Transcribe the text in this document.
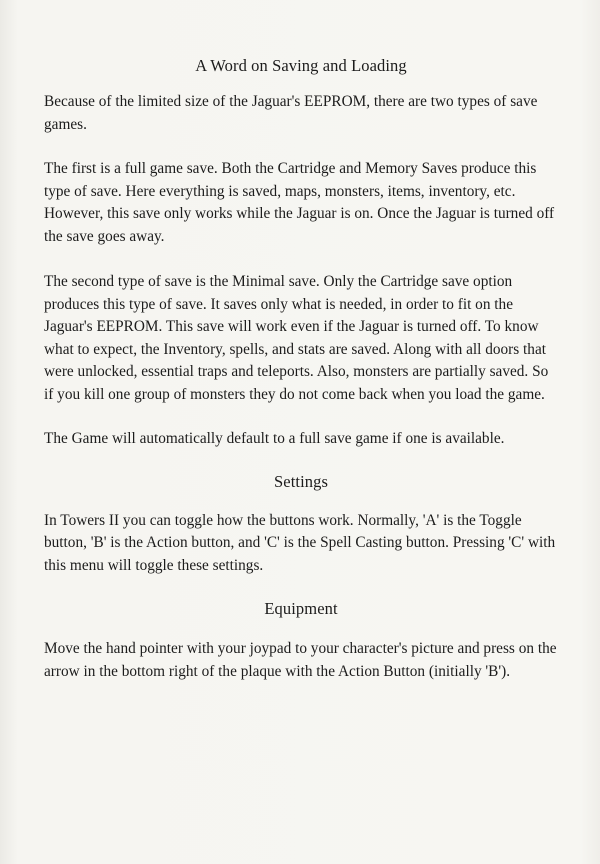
A Word on Saving and Loading

Because of the limited size of the Jaguar's EEPROM, there are two types of save games.

The first is a full game save. Both the Cartridge and Memory Saves produce this type of save. Here everything is saved, maps, monsters, items, inventory, etc. However, this save only works while the Jaguar is on. Once the Jaguar is turned off the save goes away.

The second type of save is the Minimal save. Only the Cartridge save option produces this type of save. It saves only what is needed, in order to fit on the Jaguar's EEPROM. This save will work even if the Jaguar is turned off. To know what to expect, the Inventory, spells, and stats are saved. Along with all doors that were unlocked, essential traps and teleports. Also, monsters are partially saved. So if you kill one group of monsters they do not come back when you load the game.

The Game will automatically default to a full save game if one is available.

Settings

In Towers II you can toggle how the buttons work. Normally, 'A' is the Toggle button, 'B' is the Action button, and 'C' is the Spell Casting button. Pressing 'C' with this menu will toggle these settings.

Equipment

Move the hand pointer with your joypad to your character's picture and press on the arrow in the bottom right of the plaque with the Action Button (initially 'B').
